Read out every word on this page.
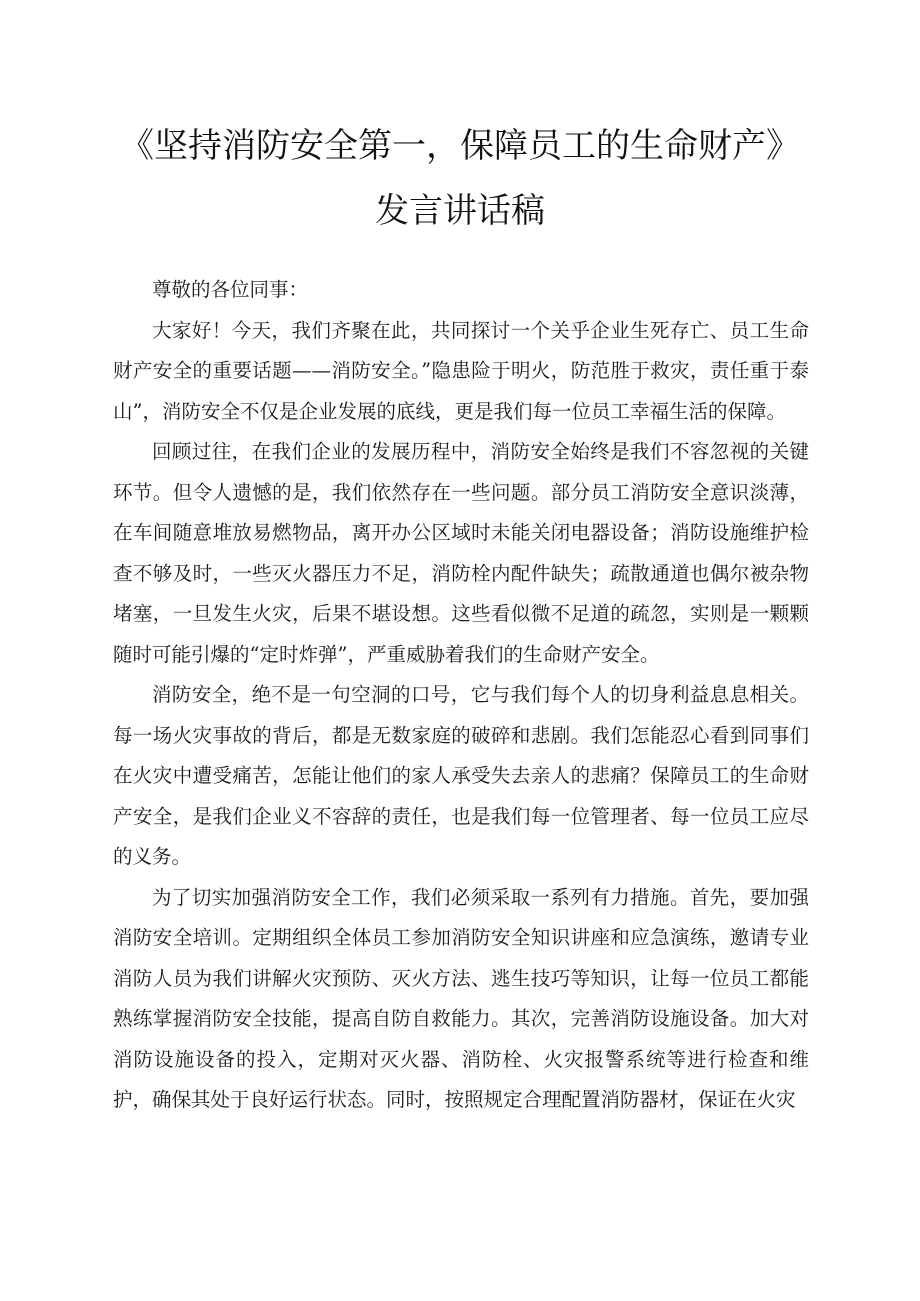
《坚持消防安全第一，保障员工的生命财产》
发言讲话稿

尊敬的各位同事：

大家好！今天，我们齐聚在此，共同探讨一个关乎企业生死存亡、员工生命财产安全的重要话题——消防安全。”隐患险于明火，防范胜于救灾，责任重于泰山”，消防安全不仅是企业发展的底线，更是我们每一位员工幸福生活的保障。

回顾过往，在我们企业的发展历程中，消防安全始终是我们不容忽视的关键环节。但令人遗憾的是，我们依然存在一些问题。部分员工消防安全意识淡薄，在车间随意堆放易燃物品，离开办公区域时未能关闭电器设备；消防设施维护检查不够及时，一些灭火器压力不足，消防栓内配件缺失；疏散通道也偶尔被杂物堵塞，一旦发生火灾，后果不堪设想。这些看似微不足道的疏忽，实则是一颗颗随时可能引爆的“定时炸弹”，严重威胁着我们的生命财产安全。

消防安全，绝不是一句空洞的口号，它与我们每个人的切身利益息息相关。每一场火灾事故的背后，都是无数家庭的破碎和悲剧。我们怎能忍心看到同事们在火灾中遭受痛苦，怎能让他们的家人承受失去亲人的悲痛？保障员工的生命财产安全，是我们企业义不容辞的责任，也是我们每一位管理者、每一位员工应尽的义务。

为了切实加强消防安全工作，我们必须采取一系列有力措施。首先，要加强消防安全培训。定期组织全体员工参加消防安全知识讲座和应急演练，邀请专业消防人员为我们讲解火灾预防、灭火方法、逃生技巧等知识，让每一位员工都能熟练掌握消防安全技能，提高自防自救能力。其次，完善消防设施设备。加大对消防设施设备的投入，定期对灭火器、消防栓、火灾报警系统等进行检查和维护，确保其处于良好运行状态。同时，按照规定合理配置消防器材，保证在火灾
